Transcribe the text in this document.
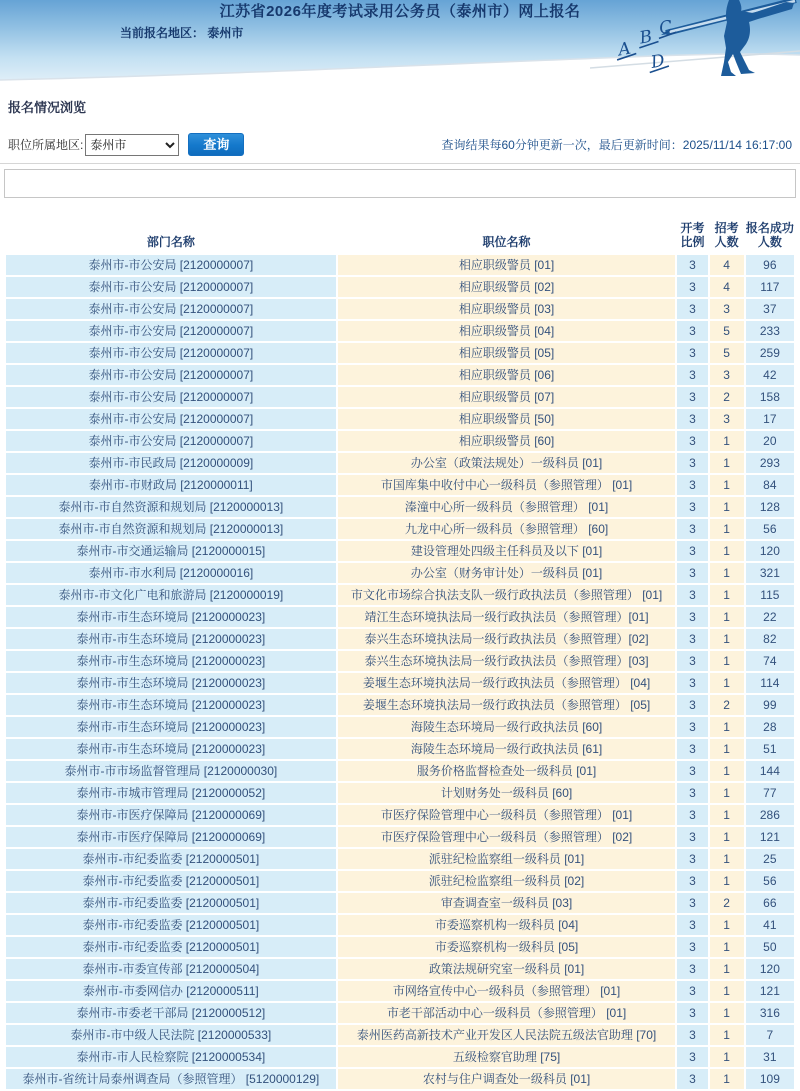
A
B C
D
江苏省2026年度考试录用公务员（泰州市）网上报名
当前报名地区： 泰州市
报名情况浏览
职位所属地区:
泰州市	查询	查询结果每60分钟更新一次，最后更新时间：2025/11/14 16:17:00
部门名称	职位名称	开考比例	招考人数	报名成功人数
泰州市-市公安局 [2120000007]	相应职级警员 [01]	3	4	96
泰州市-市公安局 [2120000007]	相应职级警员 [02]	3	4	117
泰州市-市公安局 [2120000007]	相应职级警员 [03]	3	3	37
泰州市-市公安局 [2120000007]	相应职级警员 [04]	3	5	233
泰州市-市公安局 [2120000007]	相应职级警员 [05]	3	5	259
泰州市-市公安局 [2120000007]	相应职级警员 [06]	3	3	42
泰州市-市公安局 [2120000007]	相应职级警员 [07]	3	2	158
泰州市-市公安局 [2120000007]	相应职级警员 [50]	3	3	17
泰州市-市公安局 [2120000007]	相应职级警员 [60]	3	1	20
泰州市-市民政局 [2120000009]	办公室（政策法规处）一级科员 [01]	3	1	293
泰州市-市财政局 [2120000011]	市国库集中收付中心一级科员（参照管理） [01]	3	1	84
泰州市-市自然资源和规划局 [2120000013]	溱潼中心所一级科员（参照管理） [01]	3	1	128
泰州市-市自然资源和规划局 [2120000013]	九龙中心所一级科员（参照管理） [60]	3	1	56
泰州市-市交通运输局 [2120000015]	建设管理处四级主任科员及以下 [01]	3	1	120
泰州市-市水利局 [2120000016]	办公室（财务审计处）一级科员 [01]	3	1	321
泰州市-市文化广电和旅游局 [2120000019]	市文化市场综合执法支队一级行政执法员（参照管理） [01]	3	1	115
泰州市-市生态环境局 [2120000023]	靖江生态环境执法局一级行政执法员（参照管理）[01]	3	1	22
泰州市-市生态环境局 [2120000023]	泰兴生态环境执法局一级行政执法员（参照管理）[02]	3	1	82
泰州市-市生态环境局 [2120000023]	泰兴生态环境执法局一级行政执法员（参照管理）[03]	3	1	74
泰州市-市生态环境局 [2120000023]	姜堰生态环境执法局一级行政执法员（参照管理） [04]	3	1	114
泰州市-市生态环境局 [2120000023]	姜堰生态环境执法局一级行政执法员（参照管理） [05]	3	2	99
泰州市-市生态环境局 [2120000023]	海陵生态环境局一级行政执法员 [60]	3	1	28
泰州市-市生态环境局 [2120000023]	海陵生态环境局一级行政执法员 [61]	3	1	51
泰州市-市市场监督管理局 [2120000030]	服务价格监督检查处一级科员 [01]	3	1	144
泰州市-市城市管理局 [2120000052]	计划财务处一级科员 [60]	3	1	77
泰州市-市医疗保障局 [2120000069]	市医疗保险管理中心一级科员（参照管理） [01]	3	1	286
泰州市-市医疗保障局 [2120000069]	市医疗保险管理中心一级科员（参照管理） [02]	3	1	121
泰州市-市纪委监委 [2120000501]	派驻纪检监察组一级科员 [01]	3	1	25
泰州市-市纪委监委 [2120000501]	派驻纪检监察组一级科员 [02]	3	1	56
泰州市-市纪委监委 [2120000501]	审查调查室一级科员 [03]	3	2	66
泰州市-市纪委监委 [2120000501]	市委巡察机构一级科员 [04]	3	1	41
泰州市-市纪委监委 [2120000501]	市委巡察机构一级科员 [05]	3	1	50
泰州市-市委宣传部 [2120000504]	政策法规研究室一级科员 [01]	3	1	120
泰州市-市委网信办 [2120000511]	市网络宣传中心一级科员（参照管理） [01]	3	1	121
泰州市-市委老干部局 [2120000512]	市老干部活动中心一级科员（参照管理） [01]	3	1	316
泰州市-市中级人民法院 [2120000533]	泰州医药高新技术产业开发区人民法院五级法官助理 [70]	3	1	7
泰州市-市人民检察院 [2120000534]	五级检察官助理 [75]	3	1	31
泰州市-省统计局泰州调查局（参照管理） [5120000129]	农村与住户调查处一级科员 [01]	3	1	109
